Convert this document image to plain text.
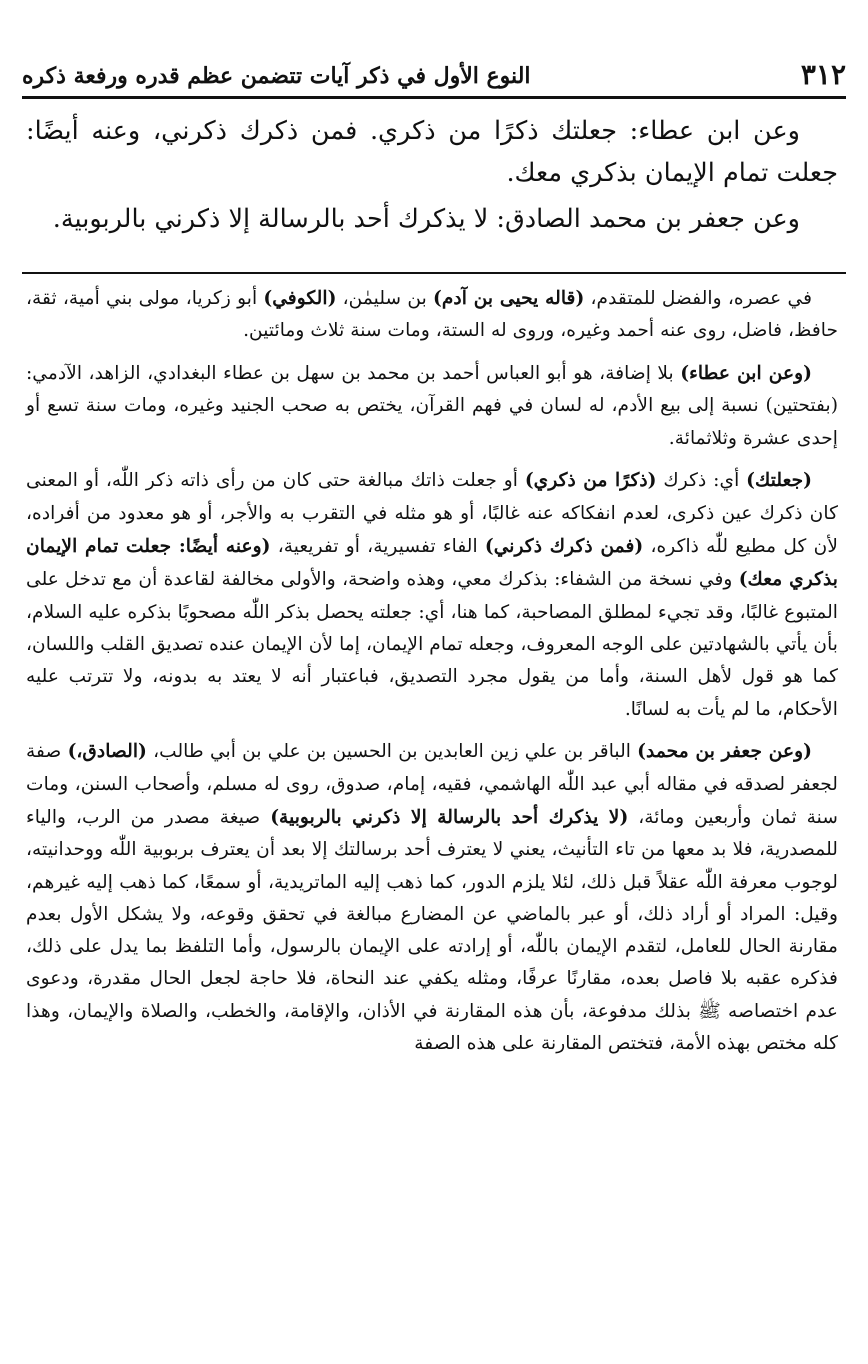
٣١٢
النوع الأول في ذكر آيات تتضمن عظم قدره ورفعة ذكره

وعن ابن عطاء: جعلتك ذكرًا من ذكري. فمن ذكرك ذكرني، وعنه أيضًا: جعلت تمام الإيمان بذكري معك.

وعن جعفر بن محمد الصادق: لا يذكرك أحد بالرسالة إلا ذكرني بالربوبية.

في عصره، والفضل للمتقدم، (قاله يحيى بن آدم) بن سليمٰن، (الكوفي) أبو زكريا، مولى بني أمية، ثقة، حافظ، فاضل، روى عنه أحمد وغيره، وروى له الستة، ومات سنة ثلاث ومائتين.

(وعن ابن عطاء) بلا إضافة، هو أبو العباس أحمد بن محمد بن سهل بن عطاء البغدادي، الزاهد، الآدمي: (بفتحتين) نسبة إلى بيع الأدم، له لسان في فهم القرآن، يختص به صحب الجنيد وغيره، ومات سنة تسع أو إحدى عشرة وثلاثمائة.

(جعلتك) أي: ذكرك (ذكرًا من ذكري) أو جعلت ذاتك مبالغة حتى كان من رأى ذاته ذكر اللّٰه، أو المعنى كان ذكرك عين ذكرى، لعدم انفكاكه عنه غالبًا، أو هو مثله في التقرب به والأجر، أو هو معدود من أفراده، لأن كل مطيع للّٰه ذاكره، (فمن ذكرك ذكرني) الفاء تفسيرية، أو تفريعية، (وعنه أيضًا: جعلت تمام الإيمان بذكري معك) وفي نسخة من الشفاء: بذكرك معي، وهذه واضحة، والأولى مخالفة لقاعدة أن مع تدخل على المتبوع غالبًا، وقد تجيء لمطلق المصاحبة، كما هنا، أي: جعلته يحصل بذكر اللّٰه مصحوبًا بذكره عليه السلام، بأن يأتي بالشهادتين على الوجه المعروف، وجعله تمام الإيمان، إما لأن الإيمان عنده تصديق القلب واللسان، كما هو قول لأهل السنة، وأما من يقول مجرد التصديق، فباعتبار أنه لا يعتد به بدونه، ولا تترتب عليه الأحكام، ما لم يأت به لسانًا.

(وعن جعفر بن محمد) الباقر بن علي زين العابدين بن الحسين بن علي بن أبي طالب، (الصادق،) صفة لجعفر لصدقه في مقاله أبي عبد اللّٰه الهاشمي، فقيه، إمام، صدوق، روى له مسلم، وأصحاب السنن، ومات سنة ثمان وأربعين ومائة، (لا يذكرك أحد بالرسالة إلا ذكرني بالربوبية) صيغة مصدر من الرب، والياء للمصدرية، فلا بد معها من تاء التأنيث، يعني لا يعترف أحد برسالتك إلا بعد أن يعترف بربوبية اللّٰه ووحدانيته، لوجوب معرفة اللّٰه عقلاً قبل ذلك، لئلا يلزم الدور، كما ذهب إليه الماتريدية، أو سمعًا، كما ذهب إليه غيرهم، وقيل: المراد أو أراد ذلك، أو عبر بالماضي عن المضارع مبالغة في تحقق وقوعه، ولا يشكل الأول بعدم مقارنة الحال للعامل، لتقدم الإيمان باللّٰه، أو إرادته على الإيمان بالرسول، وأما التلفظ بما يدل على ذلك، فذكره عقبه بلا فاصل بعده، مقارنًا عرفًا، ومثله يكفي عند النحاة، فلا حاجة لجعل الحال مقدرة، ودعوى عدم اختصاصه ﷺ بذلك مدفوعة، بأن هذه المقارنة في الأذان، والإقامة، والخطب، والصلاة والإيمان، وهذا كله مختص بهذه الأمة، فتختص المقارنة على هذه الصفة
